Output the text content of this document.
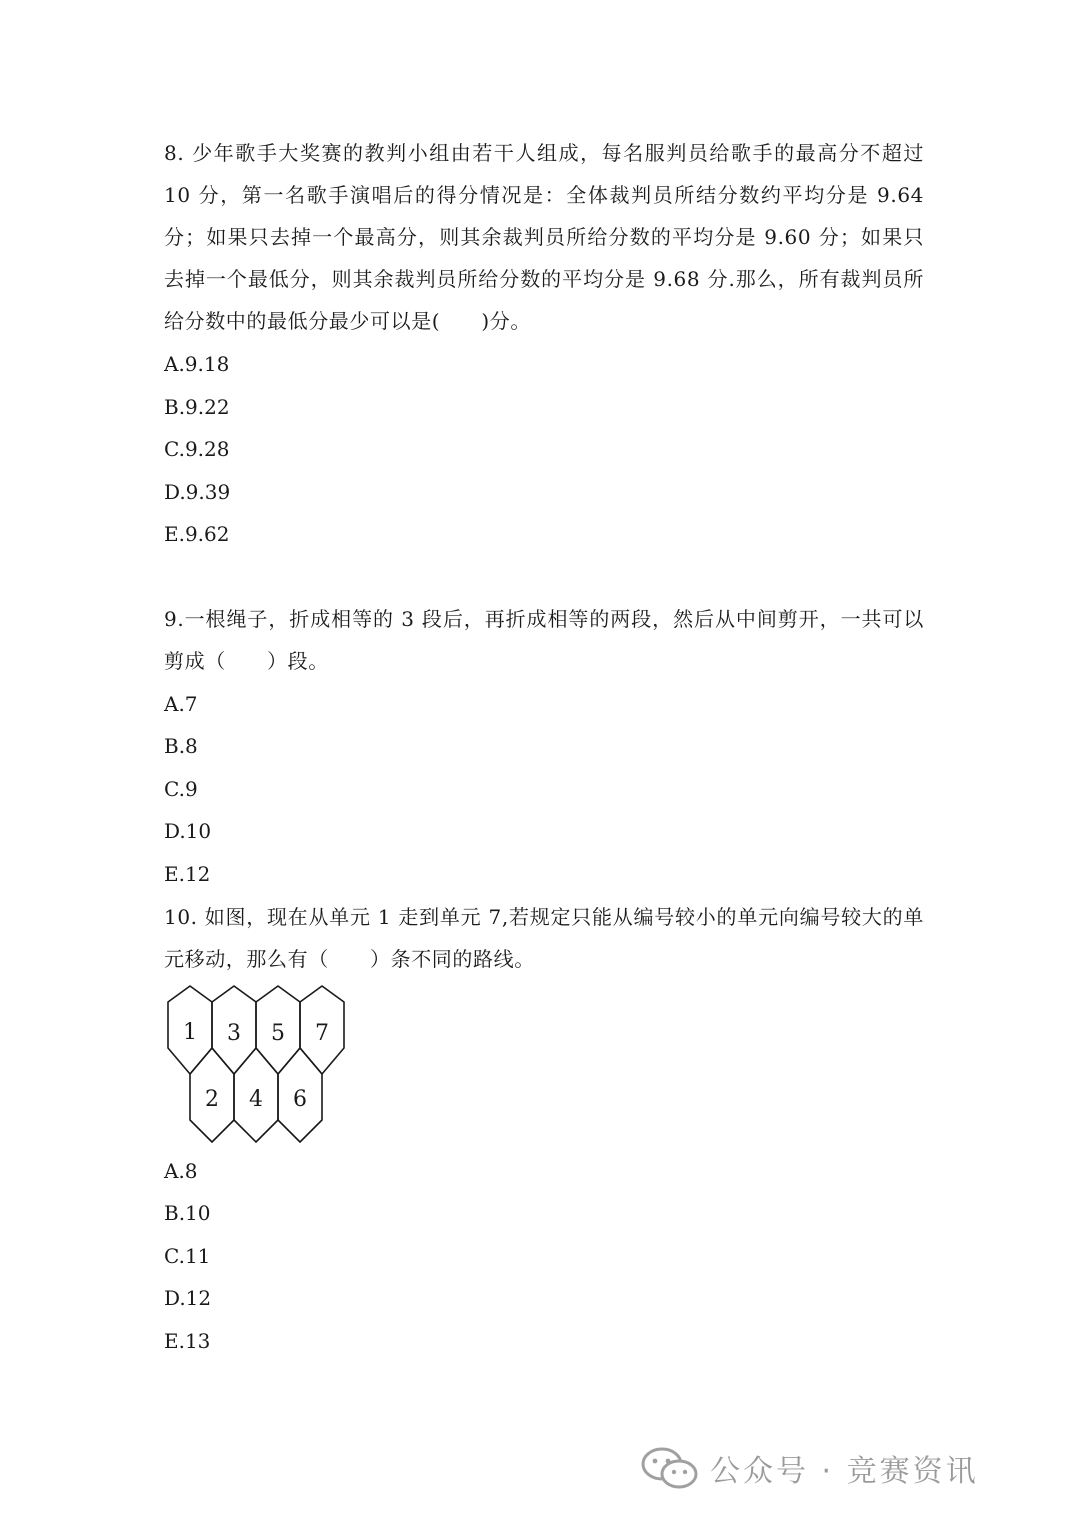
8. 少年歌手大奖赛的教判小组由若干人组成，每名服判员给歌手的最高分不超过 10 分，第一名歌手演唱后的得分情况是：全体裁判员所结分数约平均分是 9.64 分；如果只去掉一个最高分，则其余裁判员所给分数的平均分是 9.60 分；如果只去掉一个最低分，则其余裁判员所给分数的平均分是 9.68 分.那么，所有裁判员所给分数中的最低分最少可以是(　　)分。
A.9.18
B.9.22
C.9.28
D.9.39
E.9.62
9.一根绳子，折成相等的 3 段后，再折成相等的两段，然后从中间剪开，一共可以剪成（　　）段。
A.7
B.8
C.9
D.10
E.12
10. 如图，现在从单元 1 走到单元 7,若规定只能从编号较小的单元向编号较大的单元移动，那么有（　　）条不同的路线。
1
2
3
4
5
6
7
A.8
B.10
C.11
D.12
E.13
公众号 · 竞赛资讯
